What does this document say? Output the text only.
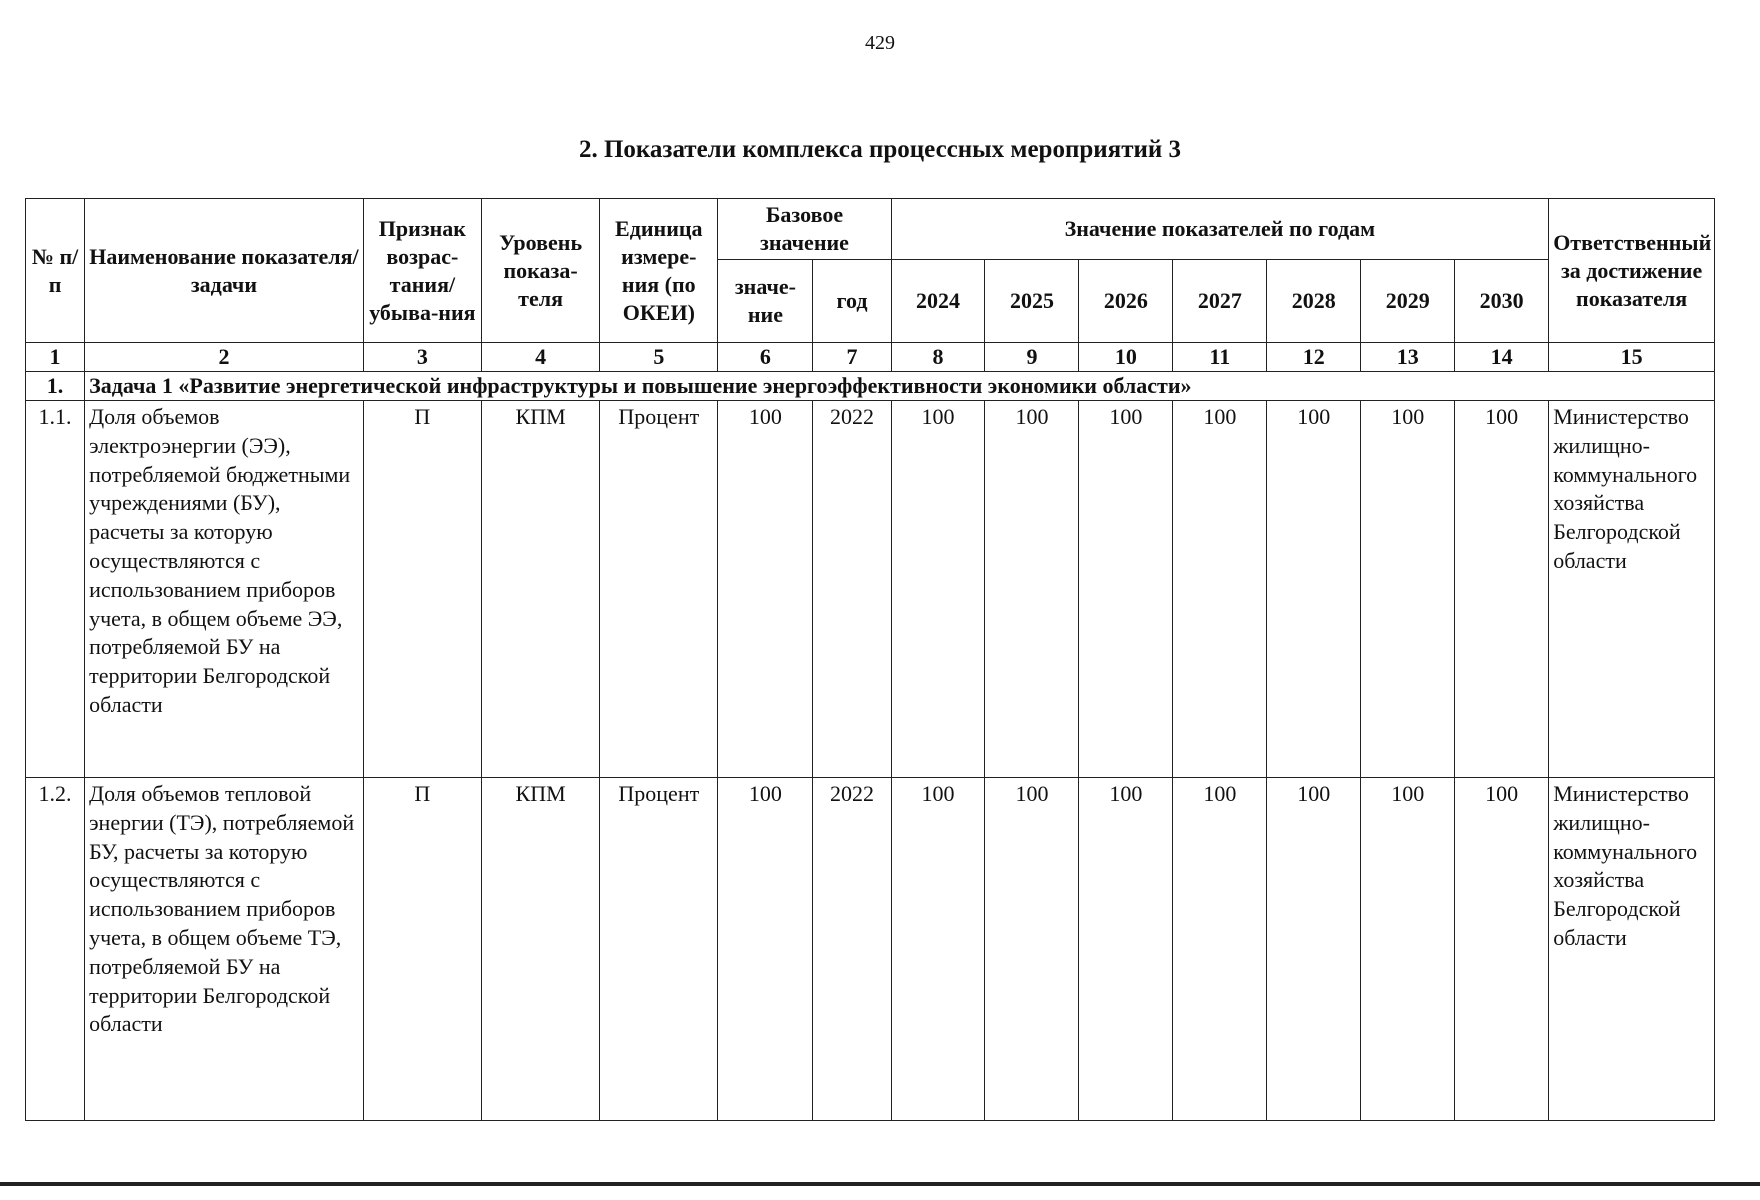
429
2. Показатели комплекса процессных мероприятий 3
№ п/п	Наименование показателя/задачи	Признак возрас-тания/ убыва-ния	Уровень показа-теля	Единица измере-ния (по ОКЕИ)	Базовое значение		Значение показателей по годам							Ответственный за достижение показателя
					значе-ние	год	2024	2025	2026	2027	2028	2029	2030	
1	2	3	4	5	6	7	8	9	10	11	12	13	14	15
1.	Задача 1 «Развитие энергетической инфраструктуры и повышение энергоэффективности экономики области»													
1.1.	Доля объемов электроэнергии (ЭЭ), потребляемой бюджетными учреждениями (БУ), расчеты за которую осуществляются с использованием приборов учета, в общем объеме ЭЭ, потребляемой БУ на территории Белгородской области	П	КПМ	Процент	100	2022	100	100	100	100	100	100	100	Министерство жилищно-коммунального хозяйства Белгородской области
1.2.	Доля объемов тепловой энергии (ТЭ), потребляемой БУ, расчеты за которую осуществляются с использованием приборов учета, в общем объеме ТЭ, потребляемой БУ на территории Белгородской области	П	КПМ	Процент	100	2022	100	100	100	100	100	100	100	Министерство жилищно-коммунального хозяйства Белгородской области
